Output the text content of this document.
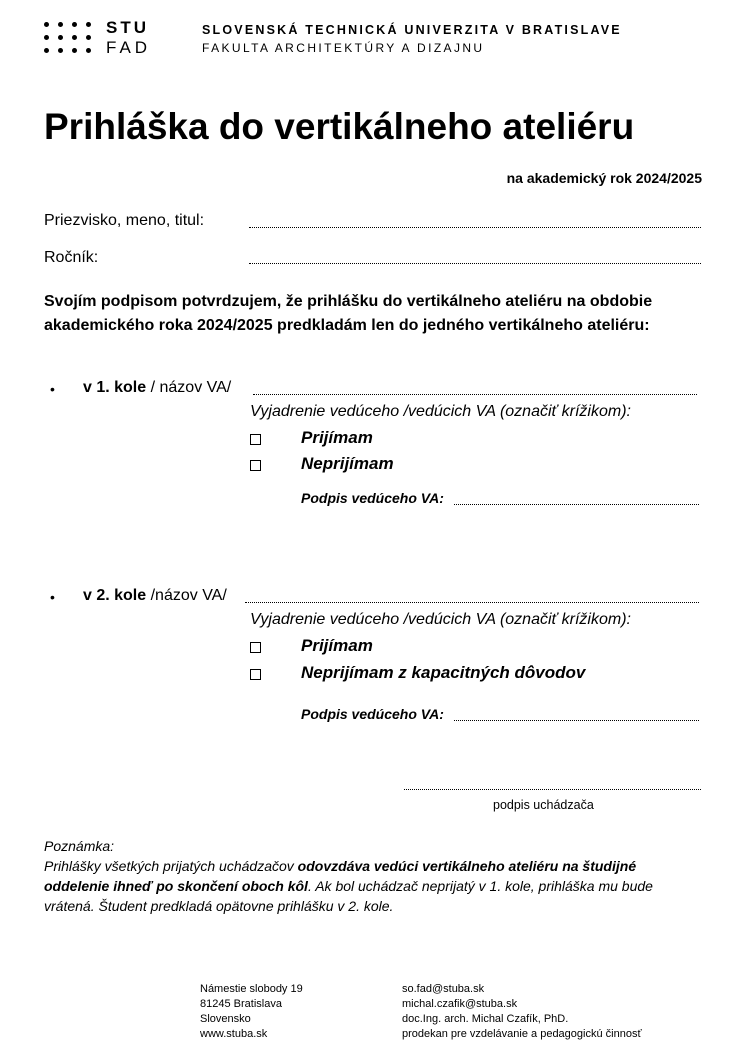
STU
FAD
SLOVENSKÁ TECHNICKÁ UNIVERZITA V BRATISLAVE
FAKULTA ARCHITEKTÚRY A DIZAJNU
Prihláška do vertikálneho ateliéru
na akademický rok 2024/2025
Priezvisko, meno, titul:
Ročník:
Svojím podpisom potvrdzujem, že prihlášku do vertikálneho ateliéru na obdobie akademického roka 2024/2025 predkladám len do jedného vertikálneho ateliéru:
• v 1. kole / názov VA/
Vyjadrenie vedúceho /vedúcich VA (označiť krížikom):
Prijímam
Neprijímam
Podpis vedúceho VA:
• v 2. kole /názov VA/
Vyjadrenie vedúceho /vedúcich VA (označiť krížikom):
Prijímam
Neprijímam z kapacitných dôvodov
Podpis vedúceho VA:
podpis uchádzača
Poznámka:
Prihlášky všetkých prijatých uchádzačov odovzdáva vedúci vertikálneho ateliéru na študijné oddelenie ihneď po skončení oboch kôl. Ak bol uchádzač neprijatý v 1. kole, prihláška mu bude vrátená. Študent predkladá opätovne prihlášku v 2. kole.
Námestie slobody 19
81245 Bratislava
Slovensko
www.stuba.sk
so.fad@stuba.sk
michal.czafik@stuba.sk
doc.Ing. arch. Michal Czafík, PhD.
prodekan pre vzdelávanie a pedagogickú činnosť
